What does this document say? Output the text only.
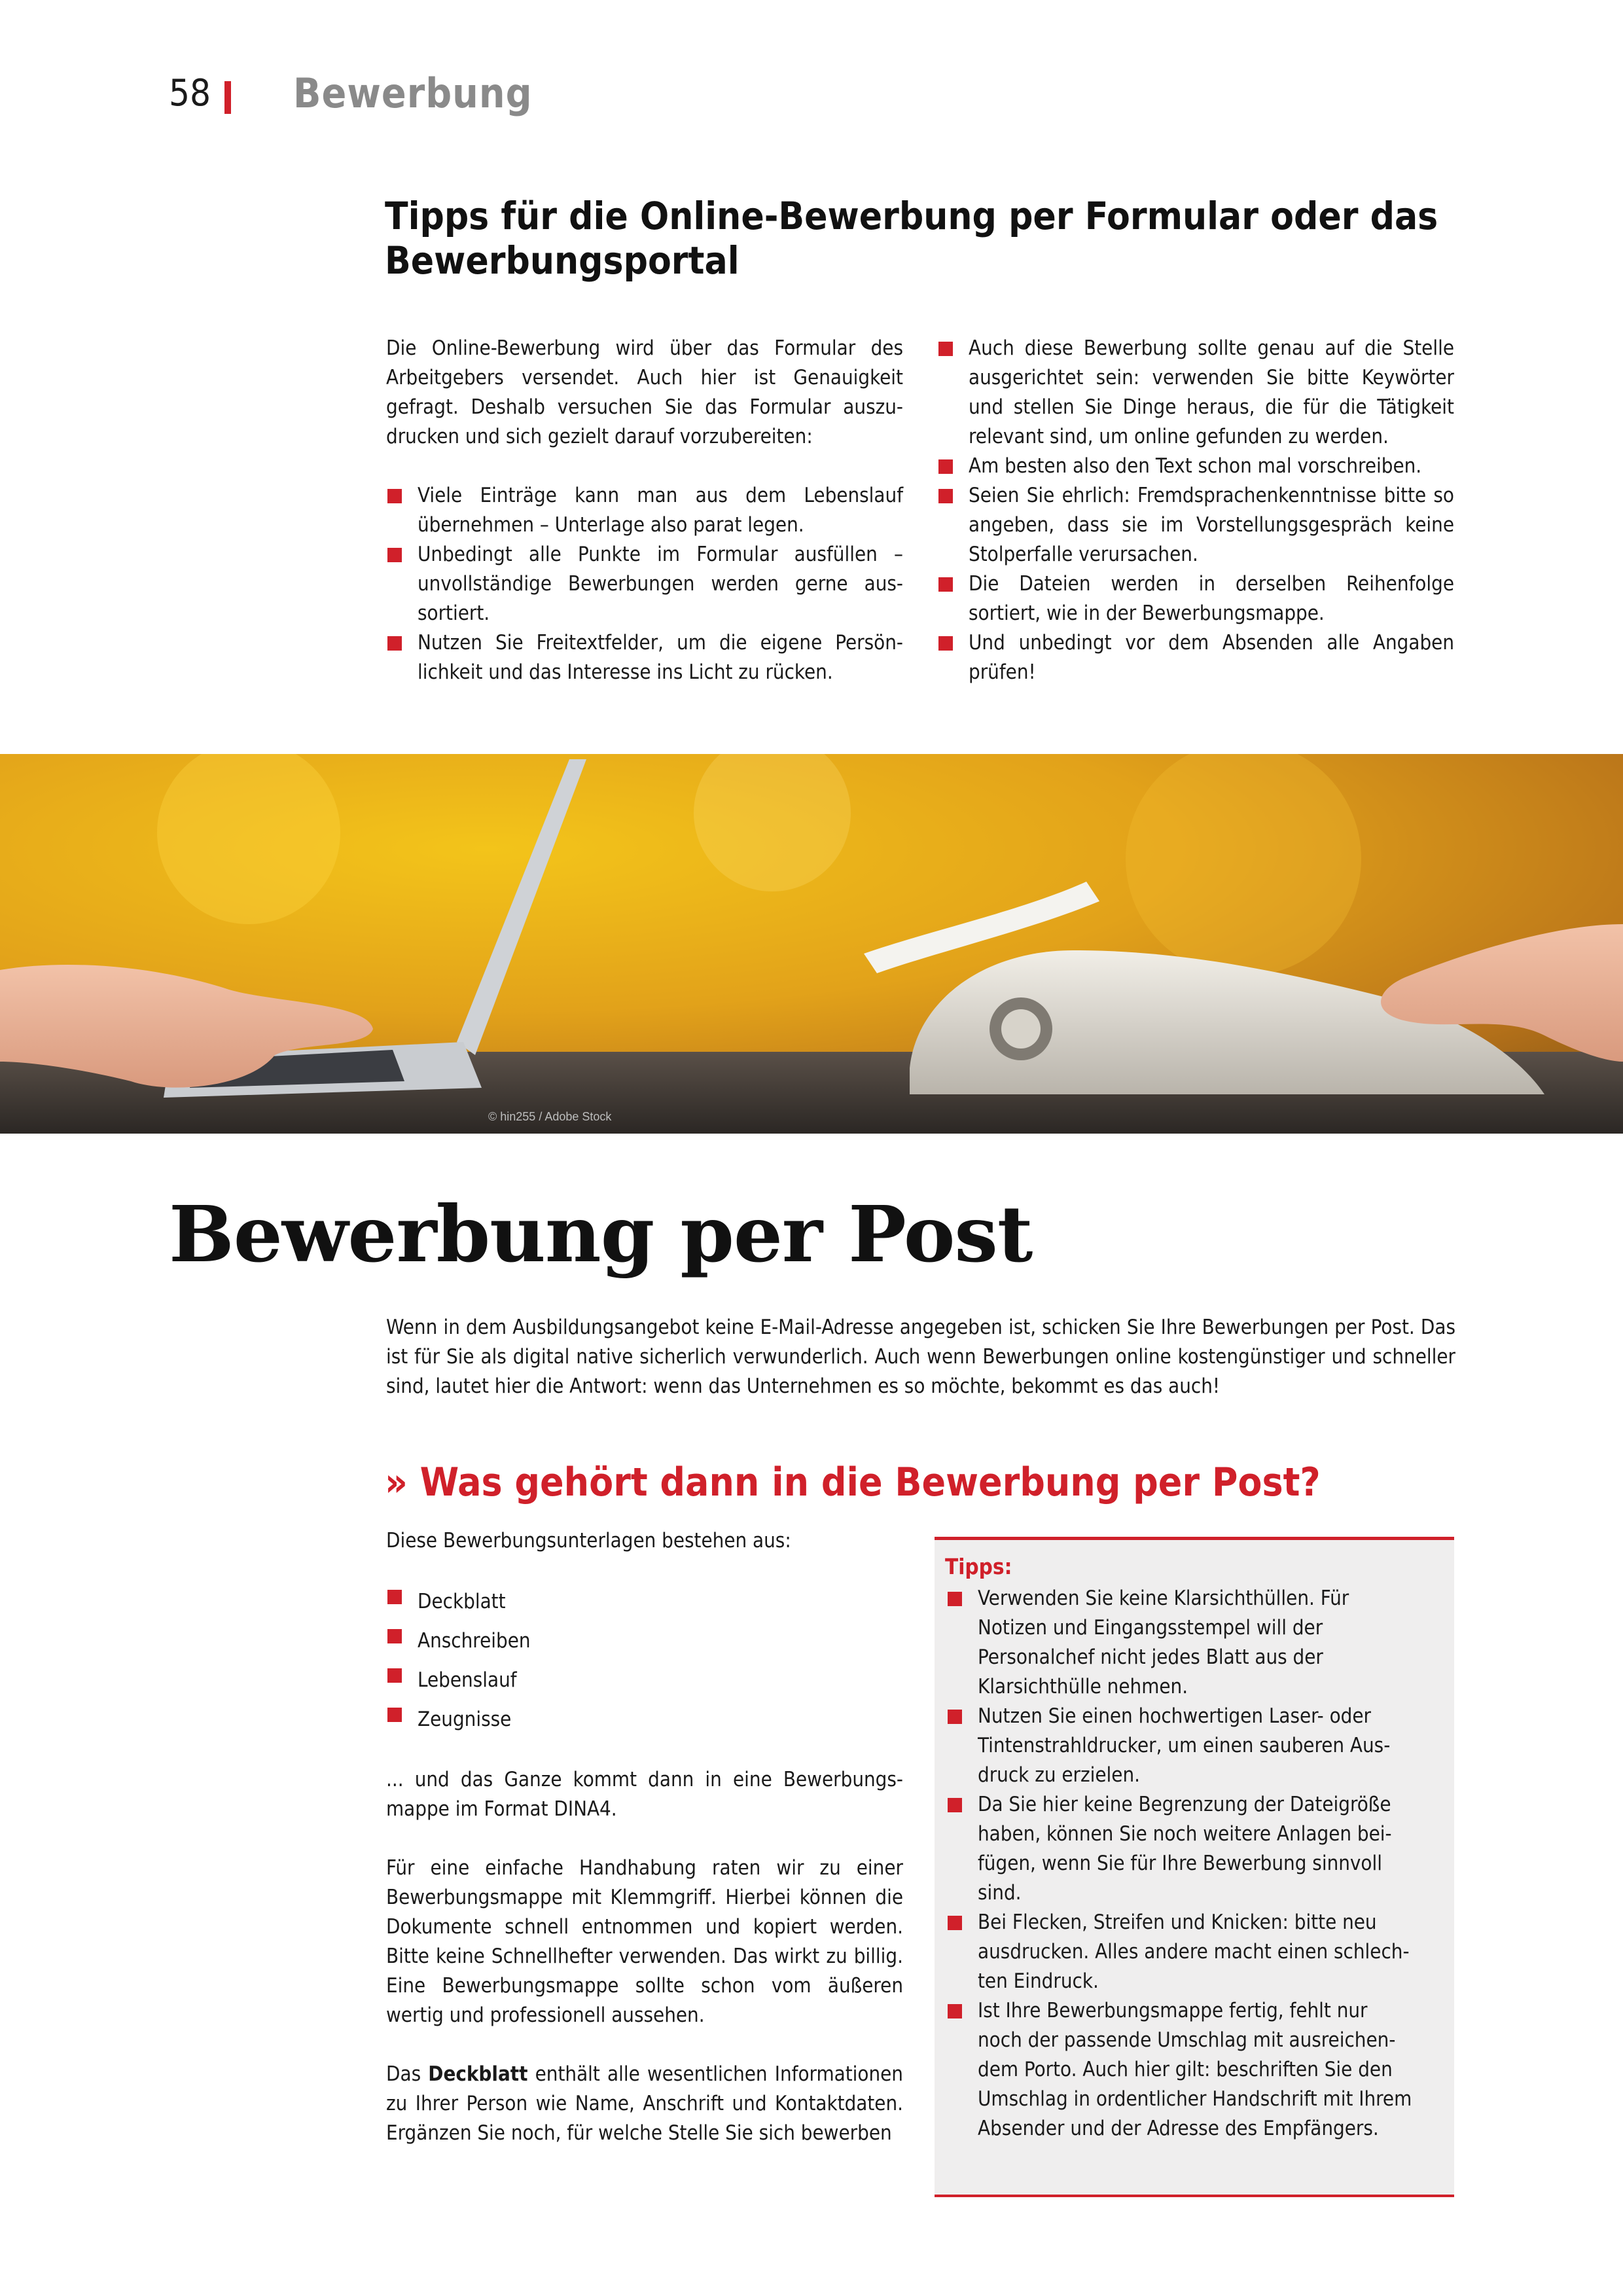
58 Bewerbung
Tipps für die Online-Bewerbung per Formular oder das Bewerbungsportal

Die Online-Bewerbung wird über das Formular des Arbeitgebers versendet. Auch hier ist Genauigkeit gefragt. Deshalb versuchen Sie das Formular auszudrucken und sich gezielt darauf vorzubereiten:

Viele Einträge kann man aus dem Lebenslauf übernehmen – Unterlage also parat legen.
Unbedingt alle Punkte im Formular ausfüllen – unvollständige Bewerbungen werden gerne aussortiert.
Nutzen Sie Freitextfelder, um die eigene Persönlichkeit und das Interesse ins Licht zu rücken.
Auch diese Bewerbung sollte genau auf die Stelle ausgerichtet sein: verwenden Sie bitte Keywörter und stellen Sie Dinge heraus, die für die Tätigkeit relevant sind, um online gefunden zu werden.
Am besten also den Text schon mal vorschreiben.
Seien Sie ehrlich: Fremdsprachenkenntnisse bitte so angeben, dass sie im Vorstellungsgespräch keine Stolperfalle verursachen.
Die Dateien werden in derselben Reihenfolge sortiert, wie in der Bewerbungsmappe.
Und unbedingt vor dem Absenden alle Angaben prüfen!
© hin255 / Adobe Stock
Bewerbung per Post

Wenn in dem Ausbildungsangebot keine E-Mail-Adresse angegeben ist, schicken Sie Ihre Bewerbungen per Post. Das ist für Sie als digital native sicherlich verwunderlich. Auch wenn Bewerbungen online kostengünstiger und schneller sind, lautet hier die Antwort: wenn das Unternehmen es so möchte, bekommt es das auch!

» Was gehört dann in die Bewerbung per Post?

Diese Bewerbungsunterlagen bestehen aus:

Deckblatt
Anschreiben
Lebenslauf
Zeugnisse

... und das Ganze kommt dann in eine Bewerbungsmappe im Format DINA4.

Für eine einfache Handhabung raten wir zu einer Bewerbungsmappe mit Klemmgriff. Hierbei können die Dokumente schnell entnommen und kopiert werden. Bitte keine Schnellhefter verwenden. Das wirkt zu billig. Eine Bewerbungsmappe sollte schon vom äußeren wertig und professionell aussehen.

Das Deckblatt enthält alle wesentlichen Informationen zu Ihrer Person wie Name, Anschrift und Kontaktdaten. Ergänzen Sie noch, für welche Stelle Sie sich bewerben

Tipps:
Verwenden Sie keine Klarsichthüllen. Für Notizen und Eingangsstempel will der Personalchef nicht jedes Blatt aus der Klarsichthülle nehmen.
Nutzen Sie einen hochwertigen Laser- oder Tintenstrahldrucker, um einen sauberen Ausdruck zu erzielen.
Da Sie hier keine Begrenzung der Dateigröße haben, können Sie noch weitere Anlagen beifügen, wenn Sie für Ihre Bewerbung sinnvoll sind.
Bei Flecken, Streifen und Knicken: bitte neu ausdrucken. Alles andere macht einen schlechten Eindruck.
Ist Ihre Bewerbungsmappe fertig, fehlt nur noch der passende Umschlag mit ausreichendem Porto. Auch hier gilt: beschriften Sie den Umschlag in ordentlicher Handschrift mit Ihrem Absender und der Adresse des Empfängers.
